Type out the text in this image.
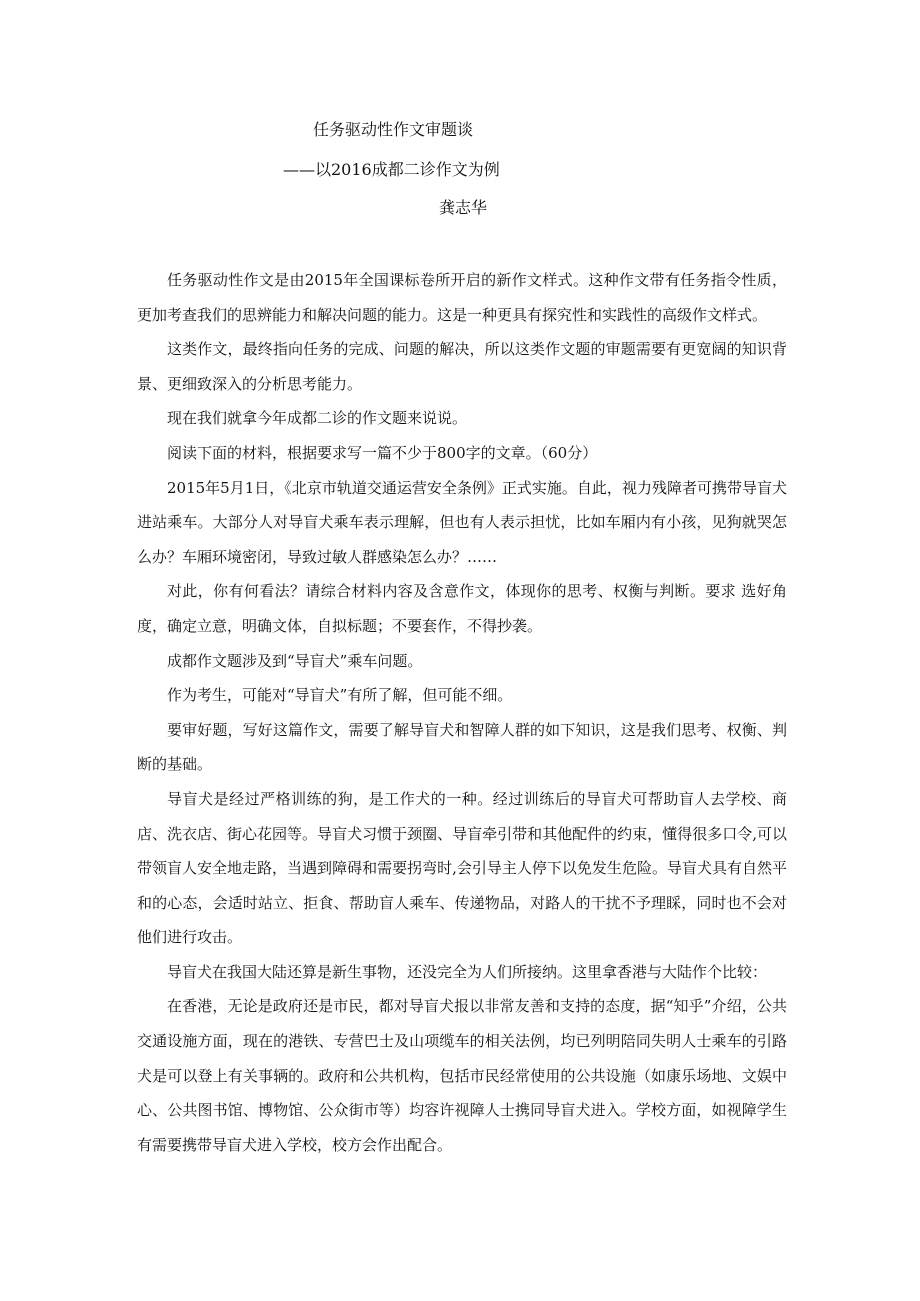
任务驱动性作文审题谈
——以2016成都二诊作文为例
龚志华

任务驱动性作文是由2015年全国课标卷所开启的新作文样式。这种作文带有任务指令性质，更加考查我们的思辨能力和解决问题的能力。这是一种更具有探究性和实践性的高级作文样式。

这类作文，最终指向任务的完成、问题的解决，所以这类作文题的审题需要有更宽阔的知识背景、更细致深入的分析思考能力。

现在我们就拿今年成都二诊的作文题来说说。

阅读下面的材料，根据要求写一篇不少于800字的文章。（60分）

2015年5月1日，《北京市轨道交通运营安全条例》正式实施。自此，视力残障者可携带导盲犬进站乘车。大部分人对导盲犬乘车表示理解，但也有人表示担忧，比如车厢内有小孩，见狗就哭怎么办？车厢环境密闭，导致过敏人群感染怎么办？……

对此，你有何看法？请综合材料内容及含意作文，体现你的思考、权衡与判断。要求 选好角度，确定立意，明确文体，自拟标题；不要套作，不得抄袭。

成都作文题涉及到“导盲犬”乘车问题。

作为考生，可能对“导盲犬”有所了解，但可能不细。

要审好题，写好这篇作文，需要了解导盲犬和智障人群的如下知识，这是我们思考、权衡、判断的基础。

导盲犬是经过严格训练的狗，是工作犬的一种。经过训练后的导盲犬可帮助盲人去学校、商店、洗衣店、街心花园等。导盲犬习惯于颈圈、导盲牵引带和其他配件的约束，懂得很多口令,可以带领盲人安全地走路，当遇到障碍和需要拐弯时,会引导主人停下以免发生危险。导盲犬具有自然平和的心态，会适时站立、拒食、帮助盲人乘车、传递物品，对路人的干扰不予理睬，同时也不会对他们进行攻击。

导盲犬在我国大陆还算是新生事物，还没完全为人们所接纳。这里拿香港与大陆作个比较：

在香港，无论是政府还是市民，都对导盲犬报以非常友善和支持的态度，据“知乎”介绍，公共交通设施方面，现在的港铁、专营巴士及山项缆车的相关法例，均已列明陪同失明人士乘车的引路犬是可以登上有关事辆的。政府和公共机构，包括市民经常使用的公共设施（如康乐场地、文娱中心、公共图书馆、博物馆、公众街市等）均容许视障人士携同导盲犬进入。学校方面，如视障学生有需要携带导盲犬进入学校，校方会作出配合。
